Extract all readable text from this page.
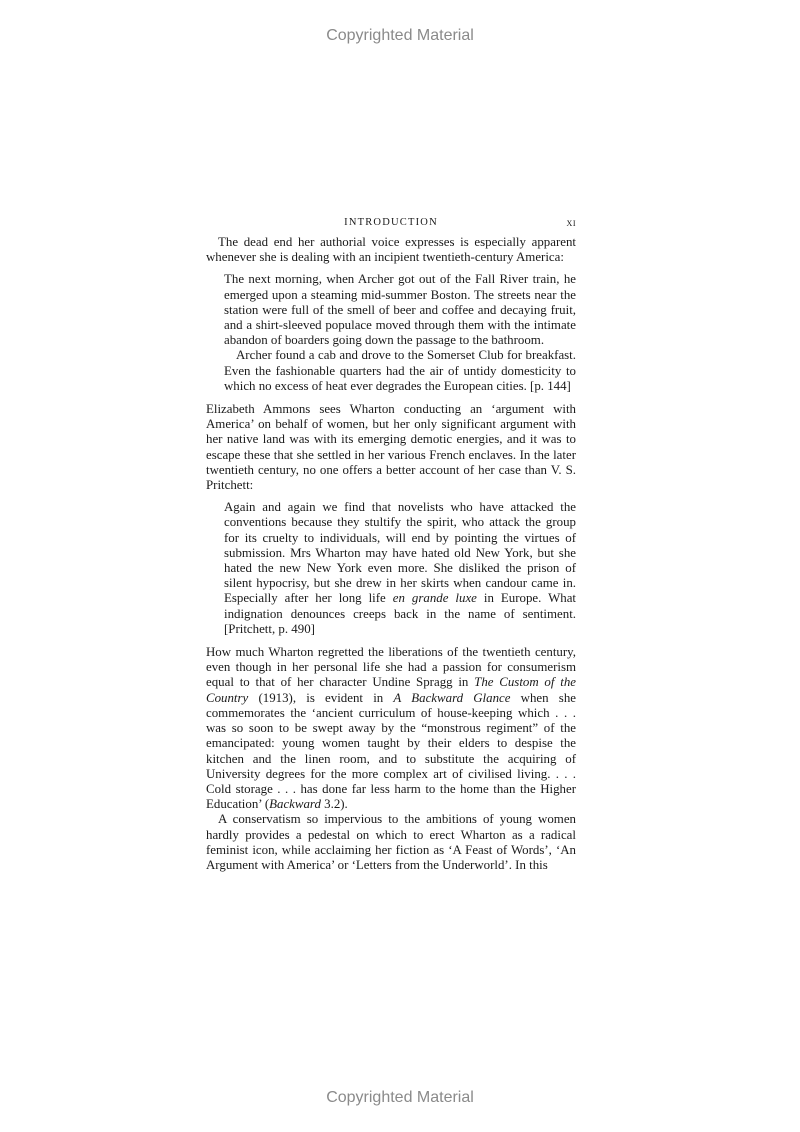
Copyrighted Material
INTRODUCTION	xi

The dead end her authorial voice expresses is especially apparent whenever she is dealing with an incipient twentieth-century America:

The next morning, when Archer got out of the Fall River train, he emerged upon a steaming mid-summer Boston. The streets near the station were full of the smell of beer and coffee and decaying fruit, and a shirt-sleeved populace moved through them with the intimate abandon of boarders going down the passage to the bathroom.

Archer found a cab and drove to the Somerset Club for breakfast. Even the fashionable quarters had the air of untidy domesticity to which no excess of heat ever degrades the European cities. [p. 144]

Elizabeth Ammons sees Wharton conducting an ‘argument with America’ on behalf of women, but her only significant argument with her native land was with its emerging demotic energies, and it was to escape these that she settled in her various French enclaves. In the later twentieth century, no one offers a better account of her case than V. S. Pritchett:

Again and again we find that novelists who have attacked the conventions because they stultify the spirit, who attack the group for its cruelty to individuals, will end by pointing the virtues of submission. Mrs Wharton may have hated old New York, but she hated the new New York even more. She disliked the prison of silent hypocrisy, but she drew in her skirts when candour came in. Especially after her long life en grande luxe in Europe. What indignation denounces creeps back in the name of sentiment. [Pritchett, p. 490]

How much Wharton regretted the liberations of the twentieth century, even though in her personal life she had a passion for consumerism equal to that of her character Undine Spragg in The Custom of the Country (1913), is evident in A Backward Glance when she commemorates the ‘ancient curriculum of house-keeping which . . . was so soon to be swept away by the “monstrous regiment” of the emancipated: young women taught by their elders to despise the kitchen and the linen room, and to substitute the acquiring of University degrees for the more complex art of civilised living. . . . Cold storage . . . has done far less harm to the home than the Higher Education’ (Backward 3.2).

A conservatism so impervious to the ambitions of young women hardly provides a pedestal on which to erect Wharton as a radical feminist icon, while acclaiming her fiction as ‘A Feast of Words’, ‘An Argument with America’ or ‘Letters from the Underworld’. In this

Copyrighted Material
